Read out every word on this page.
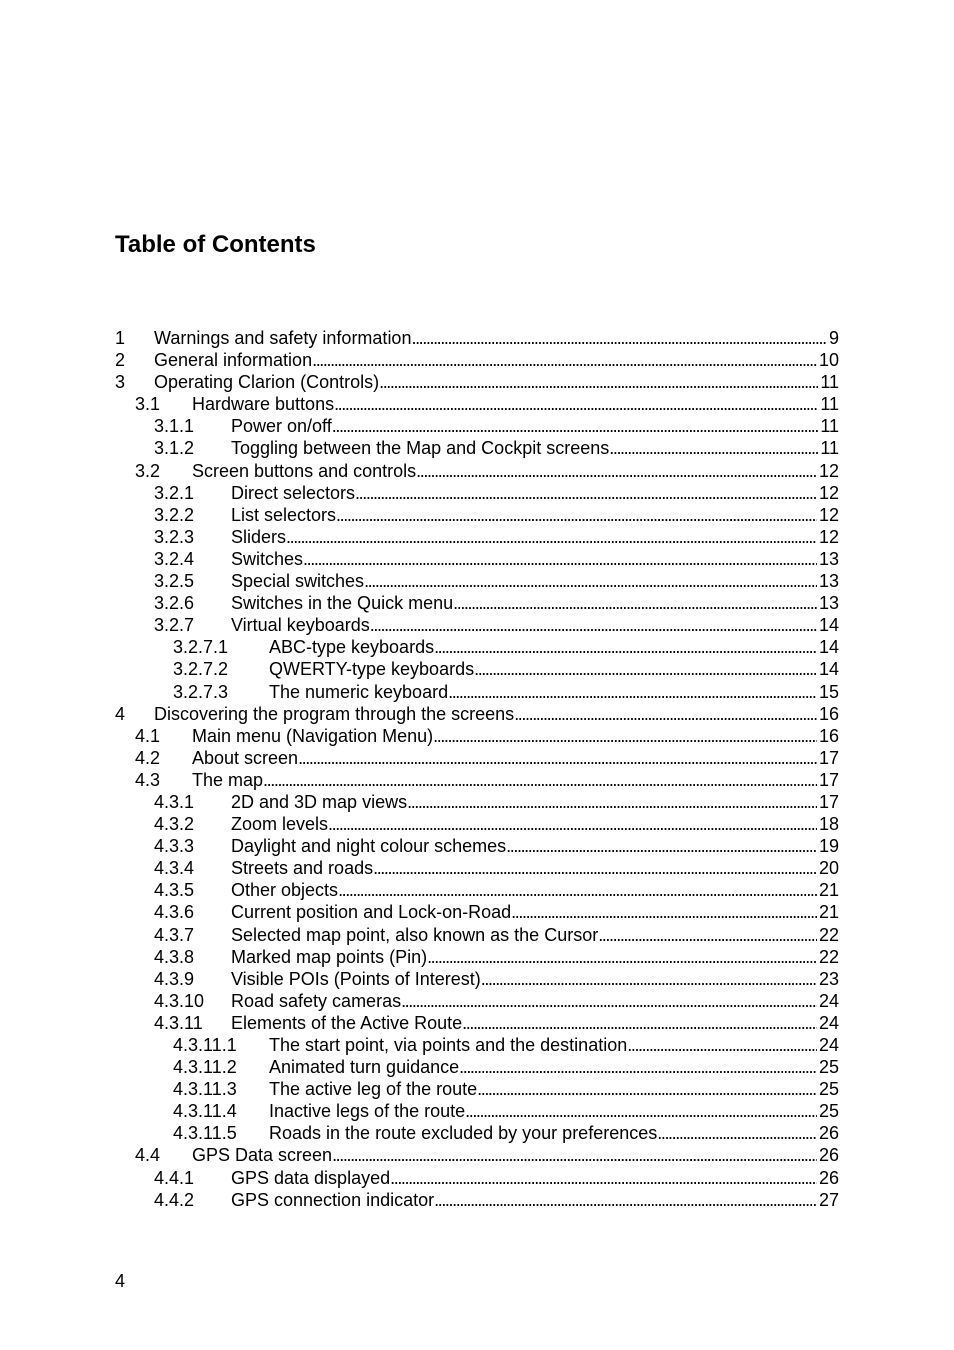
Table of Contents
1 Warnings and safety information . . .	9
2 General information . . .	10
3 Operating Clarion (Controls) . . .	11
3.1 Hardware buttons . . .	11
3.1.1 Power on/off . . .	11
3.1.2 Toggling between the Map and Cockpit screens . . .	11
3.2 Screen buttons and controls . . .	12
3.2.1 Direct selectors . . .	12
3.2.2 List selectors . . .	12
3.2.3 Sliders . . .	12
3.2.4 Switches . . .	13
3.2.5 Special switches . . .	13
3.2.6 Switches in the Quick menu . . .	13
3.2.7 Virtual keyboards . . .	14
3.2.7.1 ABC-type keyboards . . .	14
3.2.7.2 QWERTY-type keyboards . . .	14
3.2.7.3 The numeric keyboard . . .	15
4 Discovering the program through the screens . . .	16
4.1 Main menu (Navigation Menu) . . .	16
4.2 About screen . . .	17
4.3 The map . . .	17
4.3.1 2D and 3D map views . . .	17
4.3.2 Zoom levels . . .	18
4.3.3 Daylight and night colour schemes . . .	19
4.3.4 Streets and roads . . .	20
4.3.5 Other objects . . .	21
4.3.6 Current position and Lock-on-Road . . .	21
4.3.7 Selected map point, also known as the Cursor . . .	22
4.3.8 Marked map points (Pin) . . .	22
4.3.9 Visible POIs (Points of Interest) . . .	23
4.3.10 Road safety cameras . . .	24
4.3.11 Elements of the Active Route . . .	24
4.3.11.1 The start point, via points and the destination . . .	24
4.3.11.2 Animated turn guidance . . .	25
4.3.11.3 The active leg of the route . . .	25
4.3.11.4 Inactive legs of the route . . .	25
4.3.11.5 Roads in the route excluded by your preferences . . .	26
4.4 GPS Data screen . . .	26
4.4.1 GPS data displayed . . .	26
4.4.2 GPS connection indicator . . .	27
4
